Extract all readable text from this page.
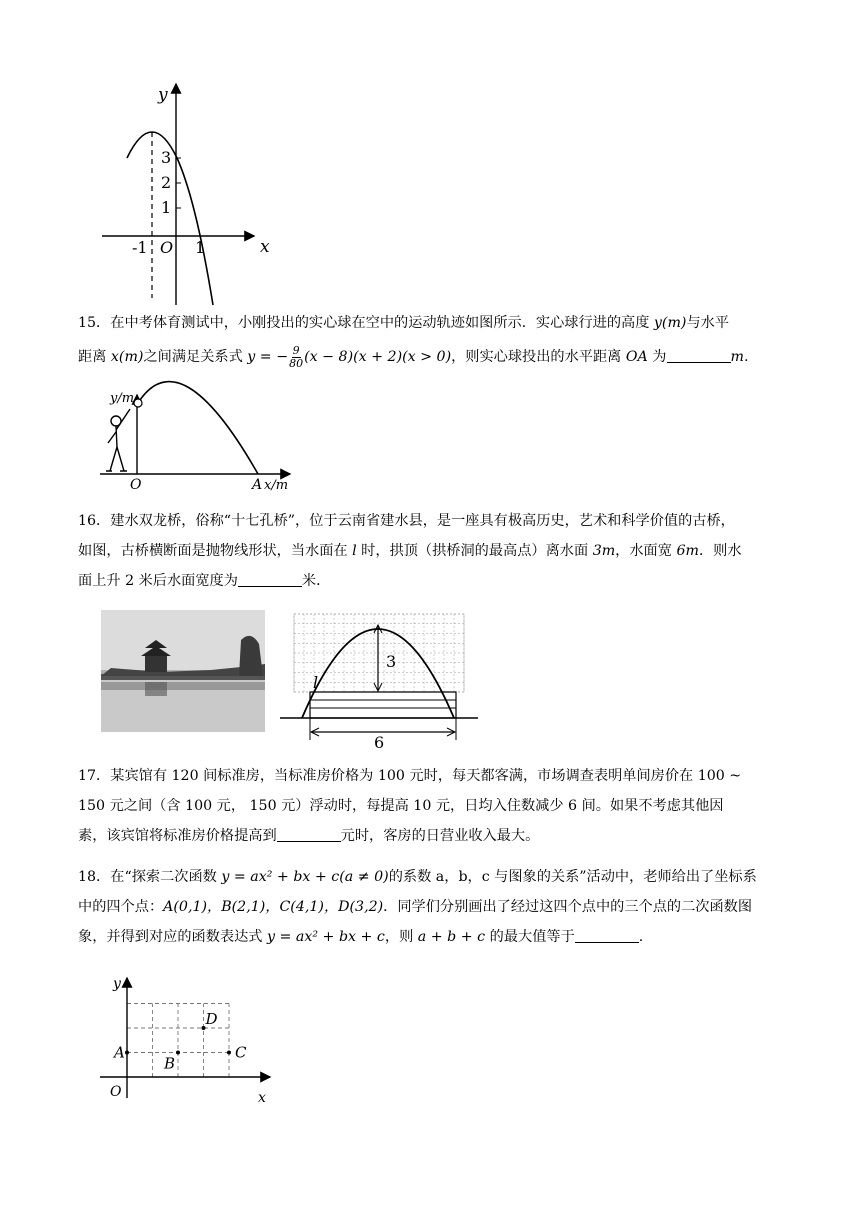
y
x
O
3
2
1
-1	1
15．在中考体育测试中，小刚投出的实心球在空中的运动轨迹如图所示．实心球行进的高度 y(m)与水平
距离 x(m)之间满足关系式 y = − $\frac{9}{80} (x - 8)(x + 2)(x > 0)$，则实心球投出的水平距离 OA 为	m.
y/m
O	A x/m
16．建水双龙桥，俗称“十七孔桥”，位于云南省建水县，是一座具有极高历史，艺术和科学价值的古桥，
如图，古桥横断面是抛物线形状，当水面在 l 时，拱顶（拱桥洞的最高点）离水面 3m，水面宽 6m．则水
面上升 2 米后水面宽度为	米．
3
l
6
17．某宾馆有 120 间标准房，当标准房价格为 100 元时，每天都客满，市场调查表明单间房价在 100 ~
150 元之间（含 100 元， 150 元）浮动时，每提高 10 元，日均入住数减少 6 间。如果不考虑其他因
素，该宾馆将标准房价格提高到	元时，客房的日营业收入最大。
18．在“探索二次函数 y = ax² + bx + c(a ≠ 0)的系数 a，b，c 与图象的关系”活动中，老师给出了坐标系
中的四个点：A(0,1)，B(2,1)，C(4,1)，D(3,2)．同学们分别画出了经过这四个点中的三个点的二次函数图
象，并得到对应的函数表达式 y = ax² + bx + c，则 a + b + c 的最大值等于	.
A
B
C
D
y
x
O
